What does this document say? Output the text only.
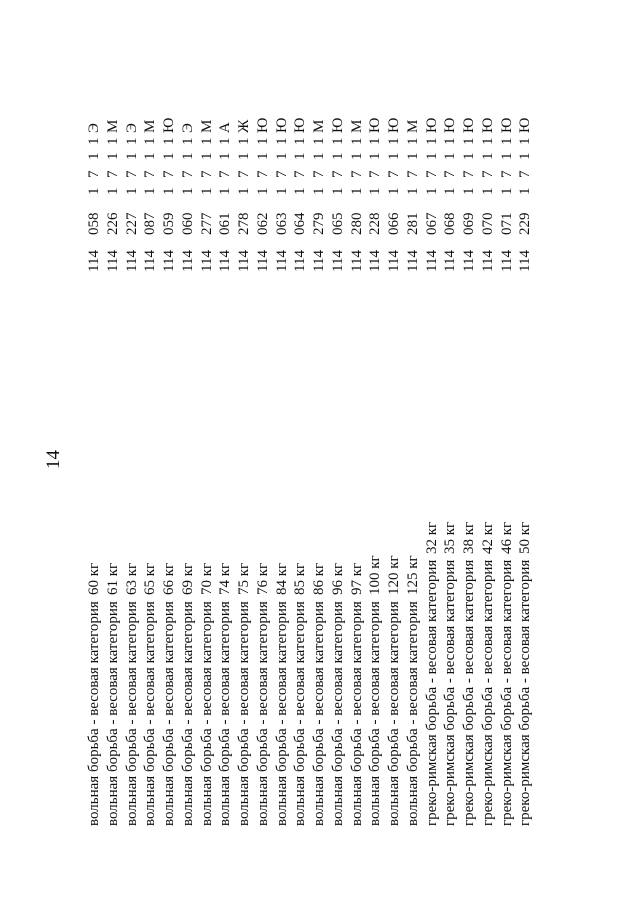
14
вольная борьба - весовая категория
60 кг
114
058
1
7
1
1
Э
вольная борьба - весовая категория
61 кг
114
226
1
7
1
1
М
вольная борьба - весовая категория
63 кг
114
227
1
7
1
1
Э
вольная борьба - весовая категория
65 кг
114
087
1
7
1
1
М
вольная борьба - весовая категория
66 кг
114
059
1
7
1
1
Ю
вольная борьба - весовая категория
69 кг
114
060
1
7
1
1
Э
вольная борьба - весовая категория
70 кг
114
277
1
7
1
1
М
вольная борьба - весовая категория
74 кг
114
061
1
7
1
1
А
вольная борьба - весовая категория
75 кг
114
278
1
7
1
1
Ж
вольная борьба - весовая категория
76 кг
114
062
1
7
1
1
Ю
вольная борьба - весовая категория
84 кг
114
063
1
7
1
1
Ю
вольная борьба - весовая категория
85 кг
114
064
1
7
1
1
Ю
вольная борьба - весовая категория
86 кг
114
279
1
7
1
1
М
вольная борьба - весовая категория
96 кг
114
065
1
7
1
1
Ю
вольная борьба - весовая категория
97 кг
114
280
1
7
1
1
М
вольная борьба - весовая категория
100 кг
114
228
1
7
1
1
Ю
вольная борьба - весовая категория
120 кг
114
066
1
7
1
1
Ю
вольная борьба - весовая категория
125 кг
114
281
1
7
1
1
М
греко-римская борьба - весовая категория
32 кг
114
067
1
7
1
1
Ю
греко-римская борьба - весовая категория
35 кг
114
068
1
7
1
1
Ю
греко-римская борьба - весовая категория
38 кг
114
069
1
7
1
1
Ю
греко-римская борьба - весовая категория
42 кг
114
070
1
7
1
1
Ю
греко-римская борьба - весовая категория
46 кг
114
071
1
7
1
1
Ю
греко-римская борьба - весовая категория
50 кг
114
229
1
7
1
1
Ю
